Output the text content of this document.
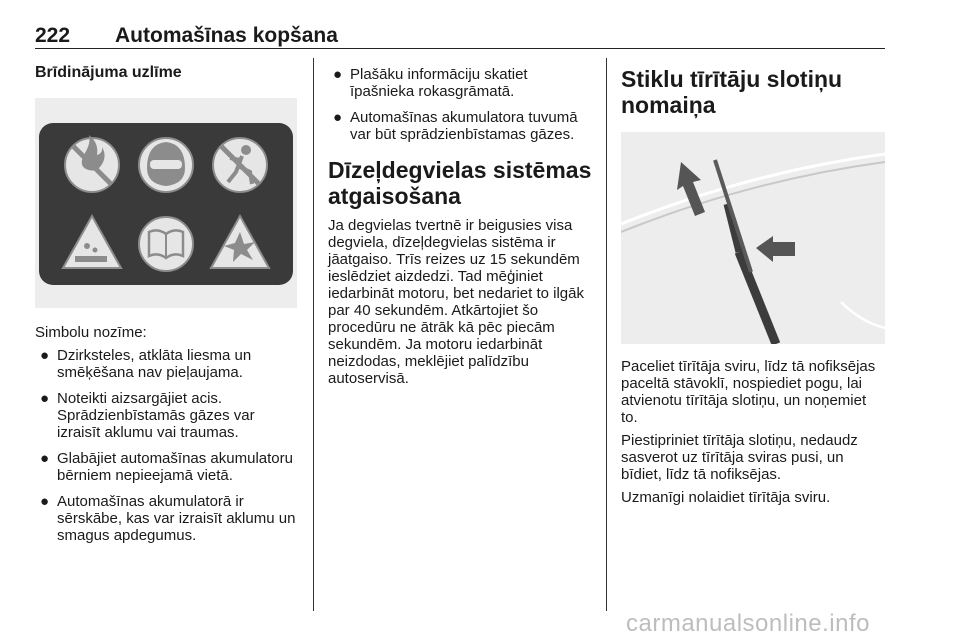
222 Automašīnas kopšana
Brīdinājuma uzlīme

Simbolu nozīme:

● Dzirksteles, atklāta liesma un smēķēšana nav pieļaujama.
● Noteikti aizsargājiet acis. Sprādzienbīstamās gāzes var izraisīt aklumu vai traumas.
● Glabājiet automašīnas akumulatoru bērniem nepieejamā vietā.
● Automašīnas akumulatorā ir sērskābe, kas var izraisīt aklumu un smagus apdegumus.
● Plašāku informāciju skatiet īpašnieka rokasgrāmatā.
● Automašīnas akumulatora tuvumā var būt sprādzienbīstamas gāzes.
Dīzeļdegvielas sistēmas
atgaisošana

Ja degvielas tvertnē ir beigusies visa degviela, dīzeļdegvielas sistēma ir jāatgaiso. Trīs reizes uz 15 sekundēm ieslēdziet aizdedzi. Tad mēģiniet iedarbināt motoru, bet nedariet to ilgāk par 40 sekundēm. Atkārtojiet šo procedūru ne ātrāk kā pēc piecām sekundēm. Ja motoru iedarbināt neizdodas, meklējiet palīdzību autoservisā.

Stiklu tīrītāju slotiņu
nomaiņa

Paceliet tīrītāja sviru, līdz tā nofiksējas paceltā stāvoklī, nospiediet pogu, lai atvienotu tīrītāja slotiņu, un noņemiet to.

Piestipriniet tīrītāja slotiņu, nedaudz sasverot uz tīrītāja sviras pusi, un bīdiet, līdz tā nofiksējas.

Uzmanīgi nolaidiet tīrītāja sviru.

carmanualsonline.info
